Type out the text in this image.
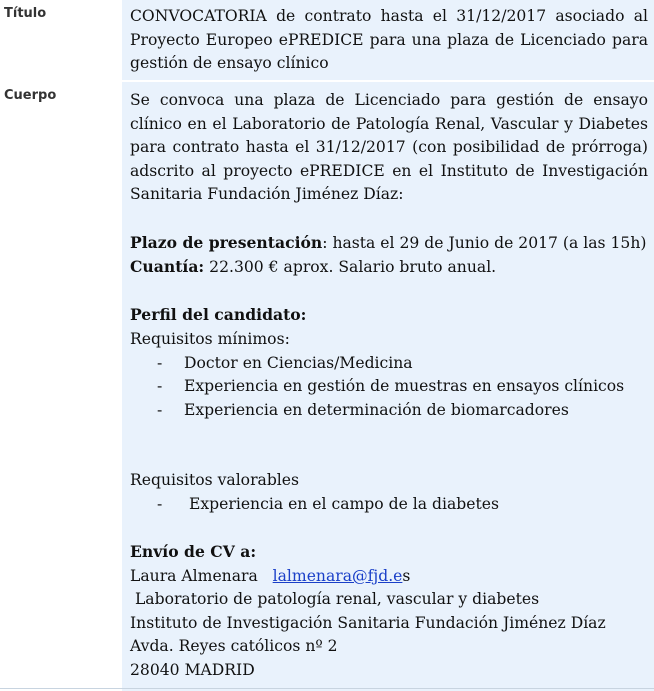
Título	CONVOCATORIA de contrato hasta el 31/12/2017 asociado al Proyecto Europeo ePREDICE para una plaza de Licenciado para gestión de ensayo clínico

Cuerpo	Se convoca una plaza de Licenciado para gestión de ensayo clínico en el Laboratorio de Patología Renal, Vascular y Diabetes para contrato hasta el 31/12/2017 (con posibilidad de prórroga) adscrito al proyecto ePREDICE en el Instituto de Investigación Sanitaria Fundación Jiménez Díaz:

Plazo de presentación: hasta el 29 de Junio de 2017 (a las 15h)

Cuantía: 22.300 € aprox. Salario bruto anual.

Perfil del candidato:

Requisitos mínimos:

- Doctor en Ciencias/Medicina

- Experiencia en gestión de muestras en ensayos clínicos

- Experiencia en determinación de biomarcadores

Requisitos valorables

- Experiencia en el campo de la diabetes

Envío de CV a:

Laura Almenara lalmenara@fjd.es

Laboratorio de patología renal, vascular y diabetes

Instituto de Investigación Sanitaria Fundación Jiménez Díaz

Avda. Reyes católicos nº 2

28040 MADRID
